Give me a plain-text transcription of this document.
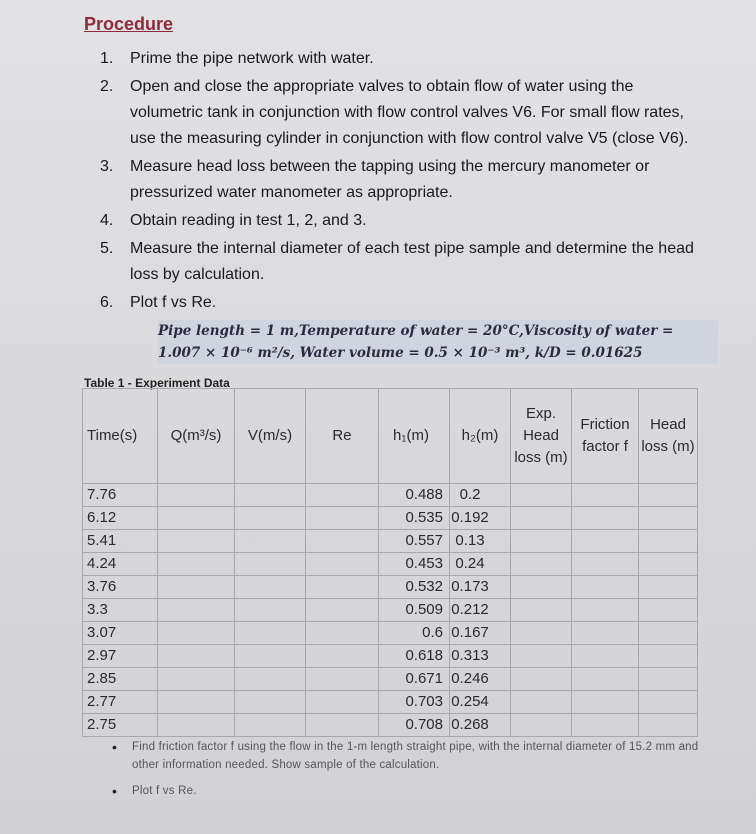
Procedure
1.	Prime the pipe network with water.
2.	Open and close the appropriate valves to obtain flow of water using the volumetric tank in conjunction with flow control valves V6. For small flow rates, use the measuring cylinder in conjunction with flow control valve V5 (close V6).
3.	Measure head loss between the tapping using the mercury manometer or pressurized water manometer as appropriate.
4.	Obtain reading in test 1, 2, and 3.
5.	Measure the internal diameter of each test pipe sample and determine the head loss by calculation.
6.	Plot f vs Re.
Pipe length = 1 m,Temperature of water = 20°C,Viscosity of water =
1.007 × 10⁻⁶ m²/s, Water volume = 0.5 × 10⁻³ m³, k/D = 0.01625
Table 1 - Experiment Data
Time(s)	Q(m³/s)	V(m/s)	Re	h₁(m)	h₂(m)	Exp. Head loss (m)	Friction factor f	Head loss (m)
7.76				0.488	0.2			
6.12				0.535	0.192			
5.41				0.557	0.13			
4.24				0.453	0.24			
3.76				0.532	0.173			
3.3				0.509	0.212			
3.07				0.6	0.167			
2.97				0.618	0.313			
2.85				0.671	0.246			
2.77				0.703	0.254			
2.75				0.708	0.268			
•	Find friction factor f using the flow in the 1-m length straight pipe, with the internal diameter of 15.2 mm and other information needed. Show sample of the calculation.
•	Plot f vs Re.
